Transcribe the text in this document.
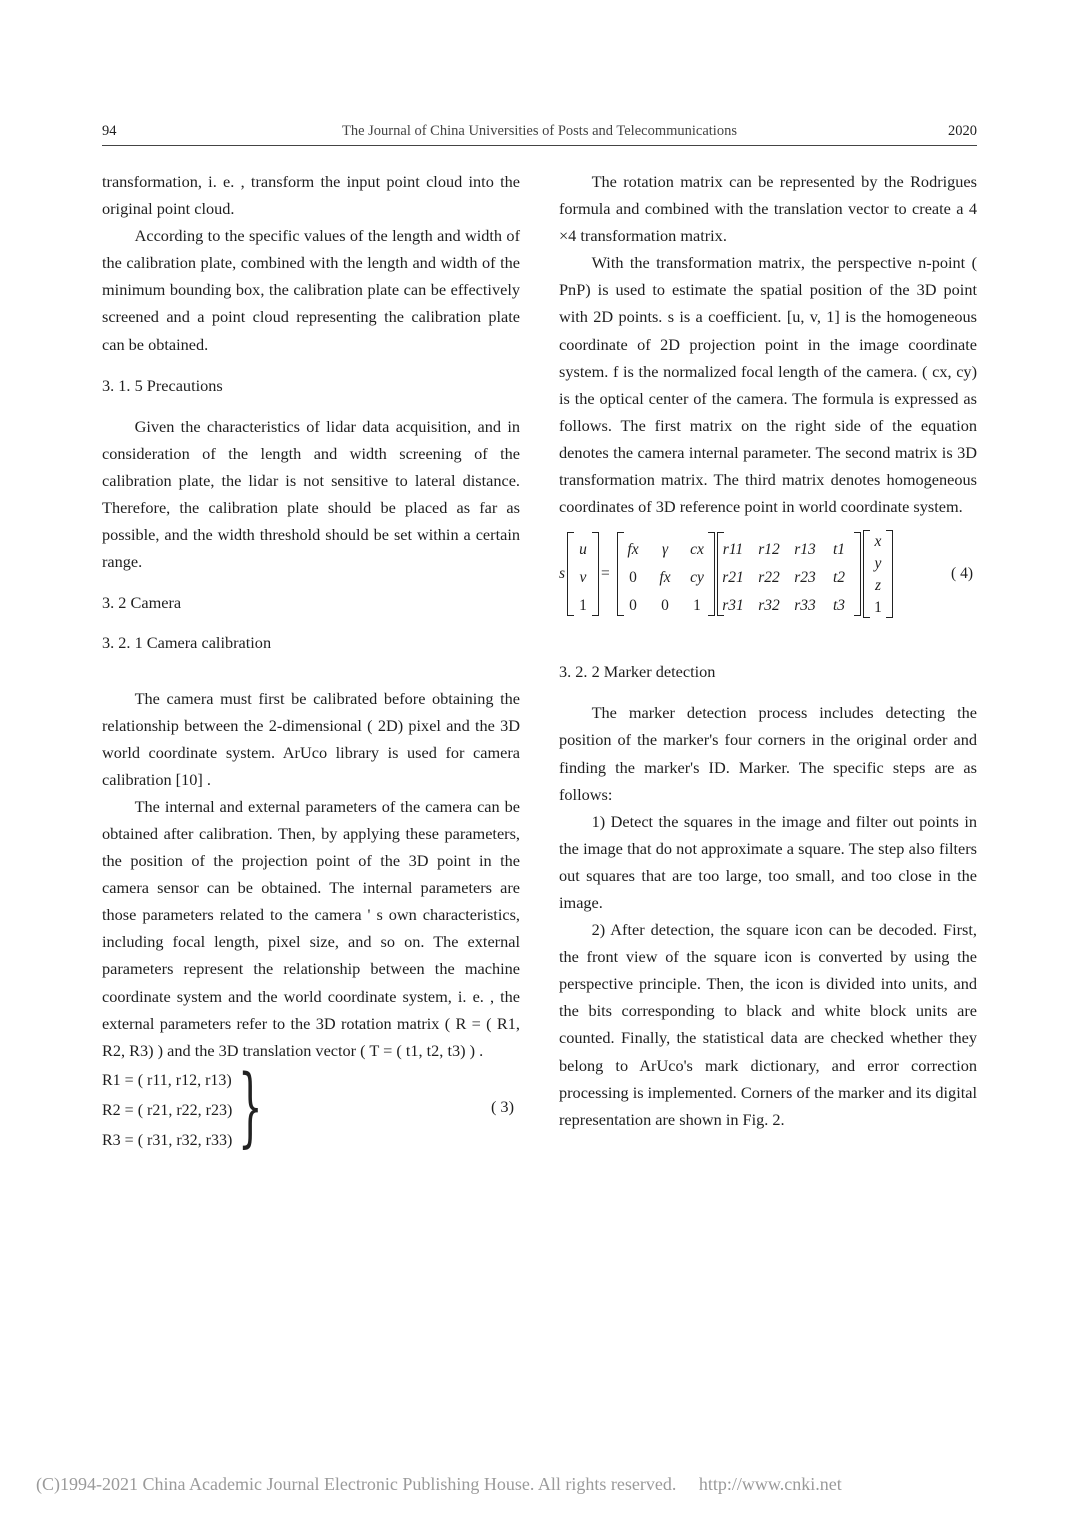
94	The Journal of China Universities of Posts and Telecommunications	2020

transformation, i. e. , transform the input point cloud into the original point cloud.

According to the specific values of the length and width of the calibration plate, combined with the length and width of the minimum bounding box, the calibration plate can be effectively screened and a point cloud representing the calibration plate can be obtained.

3. 1. 5 Precautions

Given the characteristics of lidar data acquisition, and in consideration of the length and width screening of the calibration plate, the lidar is not sensitive to lateral distance. Therefore, the calibration plate should be placed as far as possible, and the width threshold should be set within a certain range.

3. 2 Camera

3. 2. 1 Camera calibration

The camera must first be calibrated before obtaining the relationship between the 2-dimensional ( 2D) pixel and the 3D world coordinate system. ArUco library is used for camera calibration [10] .

The internal and external parameters of the camera can be obtained after calibration. Then, by applying these parameters, the position of the projection point of the 3D point in the camera sensor can be obtained. The internal parameters are those parameters related to the camera ' s own characteristics, including focal length, pixel size, and so on. The external parameters represent the relationship between the machine coordinate system and the world coordinate system, i. e. , the external parameters refer to the 3D rotation matrix ( R = ( R1, R2, R3) ) and the 3D translation vector ( T = ( t1, t2, t3) ) .

R1 = ( r11, r12, r13)
R2 = ( r21, r22, r23)
R3 = ( r31, r32, r33) }	( 3)

The rotation matrix can be represented by the Rodrigues formula and combined with the translation vector to create a 4 ×4 transformation matrix.

With the transformation matrix, the perspective n-point ( PnP) is used to estimate the spatial position of the 3D point with 2D points. s is a coefficient. [u, v, 1] is the homogeneous coordinate of 2D projection point in the image coordinate system. f is the normalized focal length of the camera. ( cx, cy) is the optical center of the camera. The formula is expressed as follows. The first matrix on the right side of the equation denotes the camera internal parameter. The second matrix is 3D transformation matrix. The third matrix denotes homogeneous coordinates of 3D reference point in world coordinate system.

s
u
v
1
=
fx	γ	cx
0	fx	cy
0	0	1
r11 r12 r13	t1
r21 r22 r23	t2
r31 r32 r33	t3
x
y
z
1
( 4)

3. 2. 2 Marker detection

The marker detection process includes detecting the position of the marker's four corners in the original order and finding the marker's ID. Marker. The specific steps are as follows:

1) Detect the squares in the image and filter out points in the image that do not approximate a square. The step also filters out squares that are too large, too small, and too close in the image.

2) After detection, the square icon can be decoded. First, the front view of the square icon is converted by using the perspective principle. Then, the icon is divided into units, and the bits corresponding to black and white block units are counted. Finally, the statistical data are checked whether they belong to ArUco's mark dictionary, and error correction processing is implemented. Corners of the marker and its digital representation are shown in Fig. 2.

(C)1994-2021 China Academic Journal Electronic Publishing House. All rights reserved. http://www.cnki.net
